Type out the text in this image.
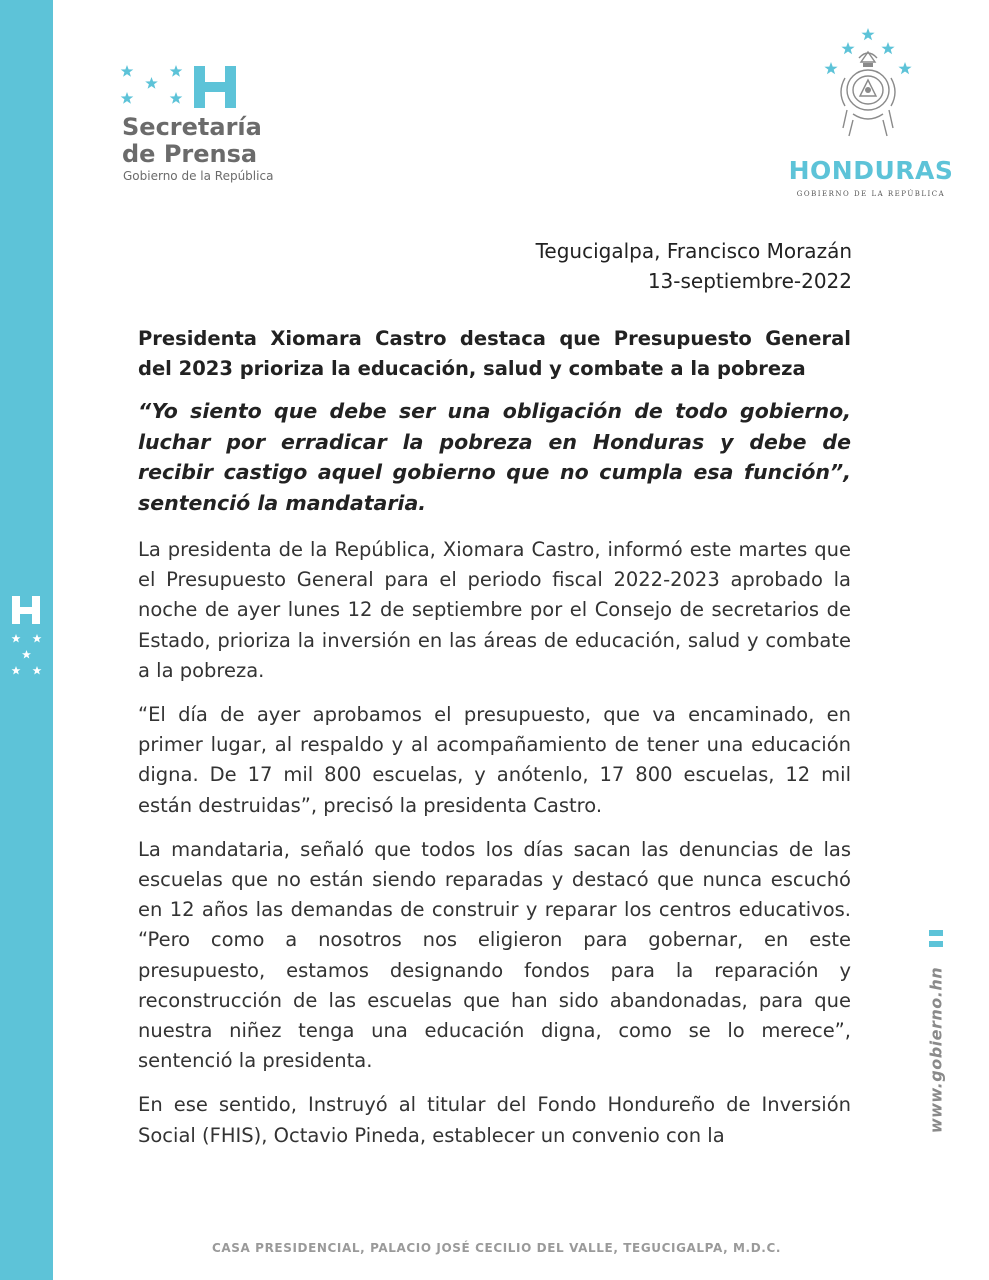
Secretaría
de Prensa
Gobierno de la República	HONDURAS
GOBIERNO DE LA REPÚBLICA
Tegucigalpa, Francisco Morazán
13-septiembre-2022

Presidenta Xiomara Castro destaca que Presupuesto General del 2023 prioriza la educación, salud y combate a la pobreza

“Yo siento que debe ser una obligación de todo gobierno, luchar por erradicar la pobreza en Honduras y debe de recibir castigo aquel gobierno que no cumpla esa función”, sentenció la mandataria.

La presidenta de la República, Xiomara Castro, informó este martes que el Presupuesto General para el periodo fiscal 2022-2023 aprobado la noche de ayer lunes 12 de septiembre por el Consejo de secretarios de Estado, prioriza la inversión en las áreas de educación, salud y combate a la pobreza.

“El día de ayer aprobamos el presupuesto, que va encaminado, en primer lugar, al respaldo y al acompañamiento de tener una educación digna. De 17 mil 800 escuelas, y anótenlo, 17 800 escuelas, 12 mil están destruidas”, precisó la presidenta Castro.

La mandataria, señaló que todos los días sacan las denuncias de las escuelas que no están siendo reparadas y destacó que nunca escuchó en 12 años las demandas de construir y reparar los centros educativos. “Pero como a nosotros nos eligieron para gobernar, en este presupuesto, estamos designando fondos para la reparación y reconstrucción de las escuelas que han sido abandonadas, para que nuestra niñez tenga una educación digna, como se lo merece”, sentenció la presidenta.

En ese sentido, Instruyó al titular del Fondo Hondureño de Inversión Social (FHIS), Octavio Pineda, establecer un convenio con la

www.gobierno.hn
CASA PRESIDENCIAL, PALACIO JOSÉ CECILIO DEL VALLE, TEGUCIGALPA, M.D.C.
